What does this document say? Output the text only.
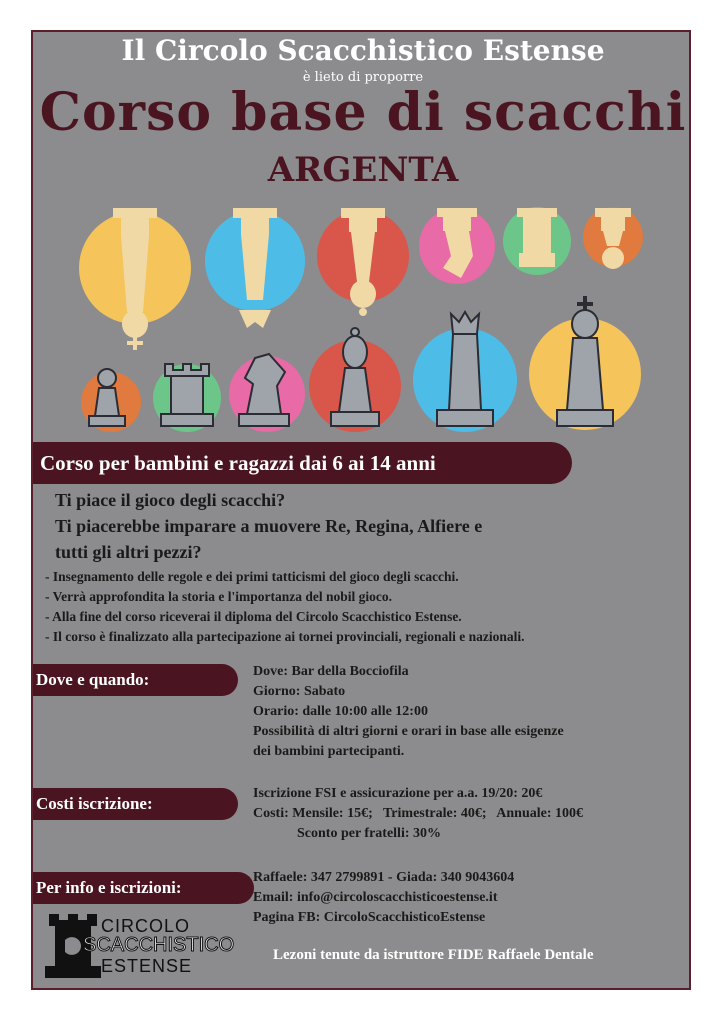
Il Circolo Scacchistico Estense
è lieto di proporre
Corso base di scacchi
ARGENTA
Corso per bambini e ragazzi dai 6 ai 14 anni
Ti piace il gioco degli scacchi?
Ti piacerebbe imparare a muovere Re, Regina, Alfiere e
tutti gli altri pezzi?
- Insegnamento delle regole e dei primi tatticismi del gioco degli scacchi.
- Verrà approfondita la storia e l'importanza del nobil gioco.
- Alla fine del corso riceverai il diploma del Circolo Scacchistico Estense.
- Il corso è finalizzato alla partecipazione ai tornei provinciali, regionali e nazionali.
Dove e quando:	Dove: Bar della Bocciofila
Giorno: Sabato
Orario: dalle 10:00 alle 12:00
Possibilità di altri giorni e orari in base alle esigenze
dei bambini partecipanti.
Costi iscrizione:
Iscrizione FSI e assicurazione per a.a. 19/20: 20€
Costi: Mensile: 15€;   Trimestrale: 40€;   Annuale: 100€
Sconto per fratelli: 30%
Per info e iscrizioni:
Raffaele: 347 2799891 - Giada: 340 9043604
Email: info@circoloscacchisticoestense.it
Pagina FB: CircoloScacchisticoEstense
CIRCOLO
SCACCHISTICO
ESTENSE
Lezoni tenute da istruttore FIDE Raffaele Dentale
